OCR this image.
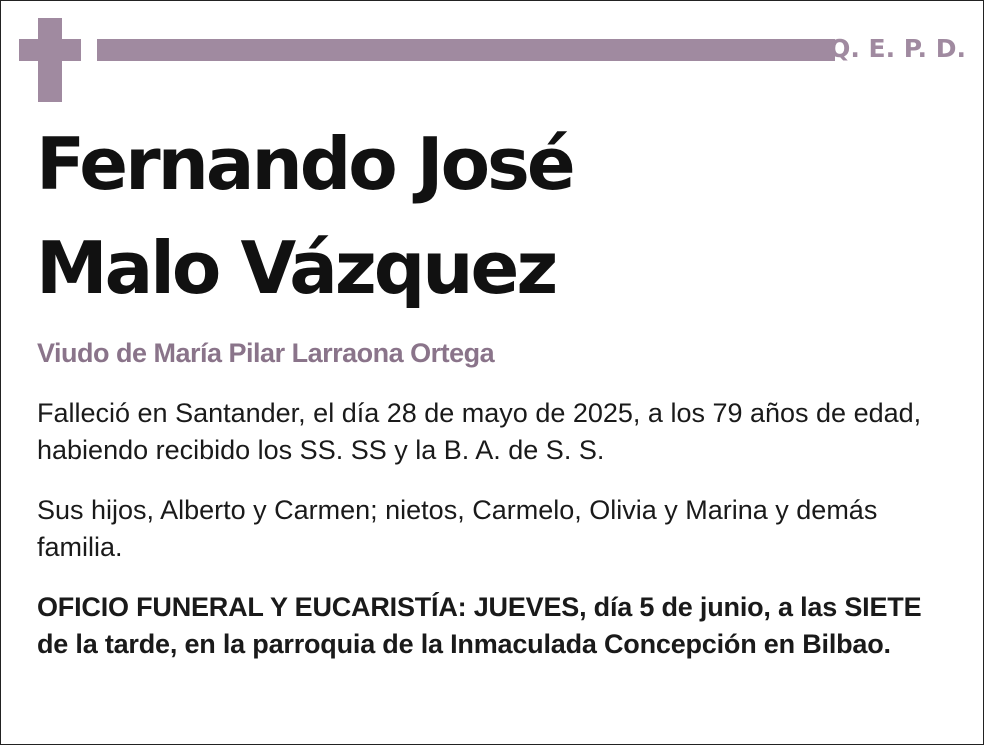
Q. E. P. D.
Fernando José
Malo Vázquez
Viudo de María Pilar Larraona Ortega

Falleció en Santander, el día 28 de mayo de 2025, a los 79 años de edad, habiendo recibido los SS. SS y la B. A. de S. S.

Sus hijos, Alberto y Carmen; nietos, Carmelo, Olivia y Marina y demás familia.

OFICIO FUNERAL Y EUCARISTÍA: JUEVES, día 5 de junio, a las SIETE de la tarde, en la parroquia de la Inmaculada Concepción en Bilbao.
